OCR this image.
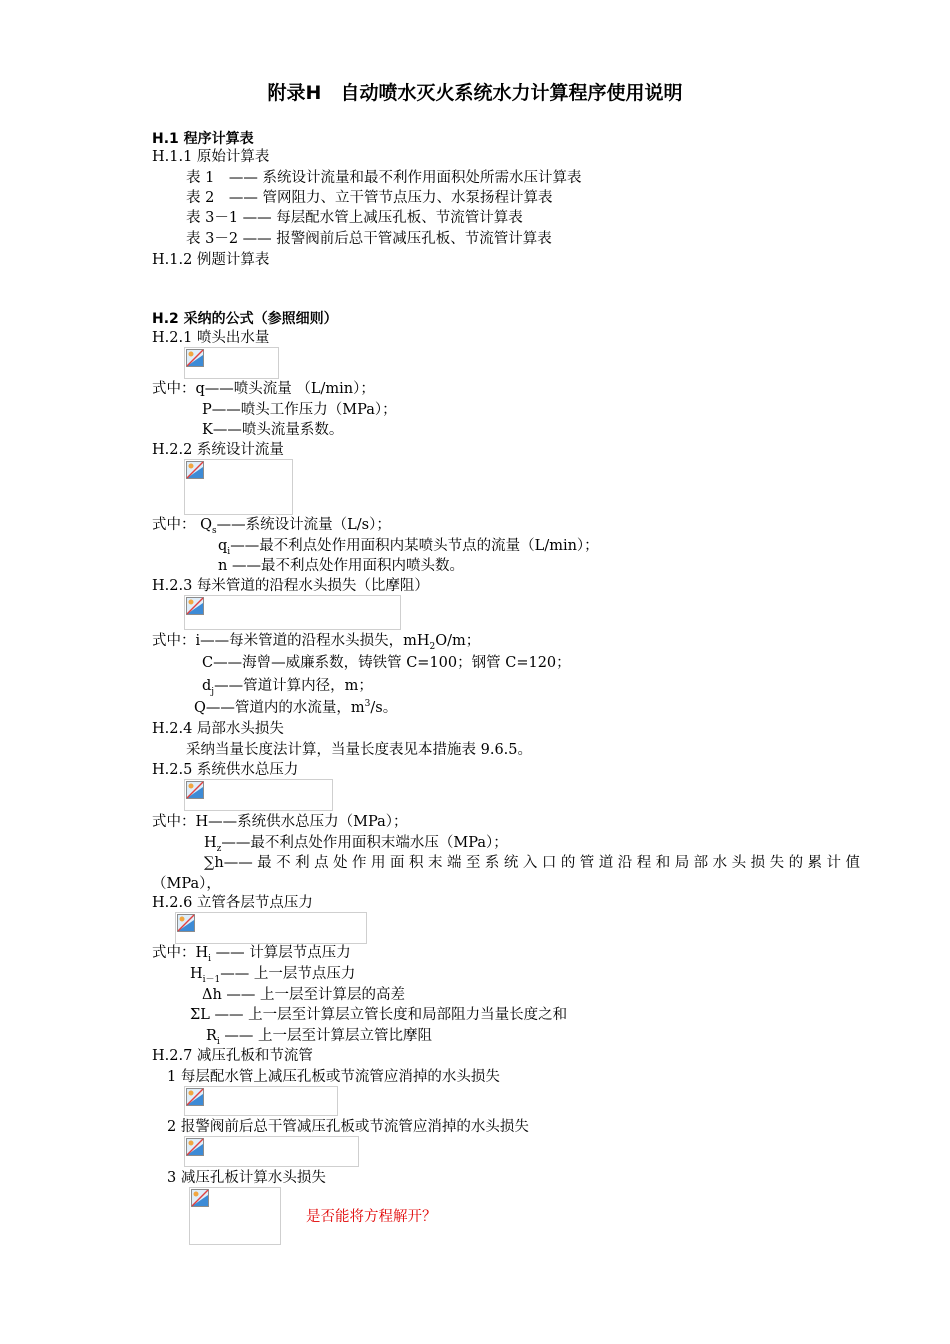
附录H　自动喷水灭火系统水力计算程序使用说明
H.1 程序计算表
H.1.1 原始计算表
表 1　—— 系统设计流量和最不利作用面积处所需水压计算表
表 2　—— 管网阻力、立干管节点压力、水泵扬程计算表
表 3－1 —— 每层配水管上减压孔板、节流管计算表
表 3－2 —— 报警阀前后总干管减压孔板、节流管计算表
H.1.2 例题计算表
H.2 采纳的公式（参照细则）
H.2.1 喷头出水量
式中：q——喷头流量 （L/min）；
P——喷头工作压力（MPa）；
K——喷头流量系数。
H.2.2 系统设计流量
式中： $Q_s——$系统设计流量（L/s）；
$q_i——$最不利点处作用面积内某喷头节点的流量（L/min）；
n ——最不利点处作用面积内喷头数。
H.2.3 每米管道的沿程水头损失（比摩阻）
式中：i——每米管道的沿程水头损失，$mH_2O/m$；
C——海曾—威廉系数，铸铁管 C=100；钢管 C=120；
$d_j——$管道计算内径，m；
Q——管道内的水流量，$m^3/s$。
H.2.4 局部水头损失
采纳当量长度法计算，当量长度表见本措施表 9.6.5。
H.2.5 系统供水总压力
式中：H——系统供水总压力（MPa）；
$H_z——$最不利点处作用面积末端水压（MPa）；
∑h——最不利点处作用面积末端至系统入口的管道沿程和局部水头损失的累计值
（MPa），
H.2.6 立管各层节点压力
式中：$H_i$ —— 计算层节点压力
$H_{i-1}——$ 上一层节点压力
Δh —— 上一层至计算层的高差
ΣL —— 上一层至计算层立管长度和局部阻力当量长度之和
$R_i$ —— 上一层至计算层立管比摩阻
H.2.7 减压孔板和节流管
1 每层配水管上减压孔板或节流管应消掉的水头损失
2 报警阀前后总干管减压孔板或节流管应消掉的水头损失
3 减压孔板计算水头损失
是否能将方程解开？
